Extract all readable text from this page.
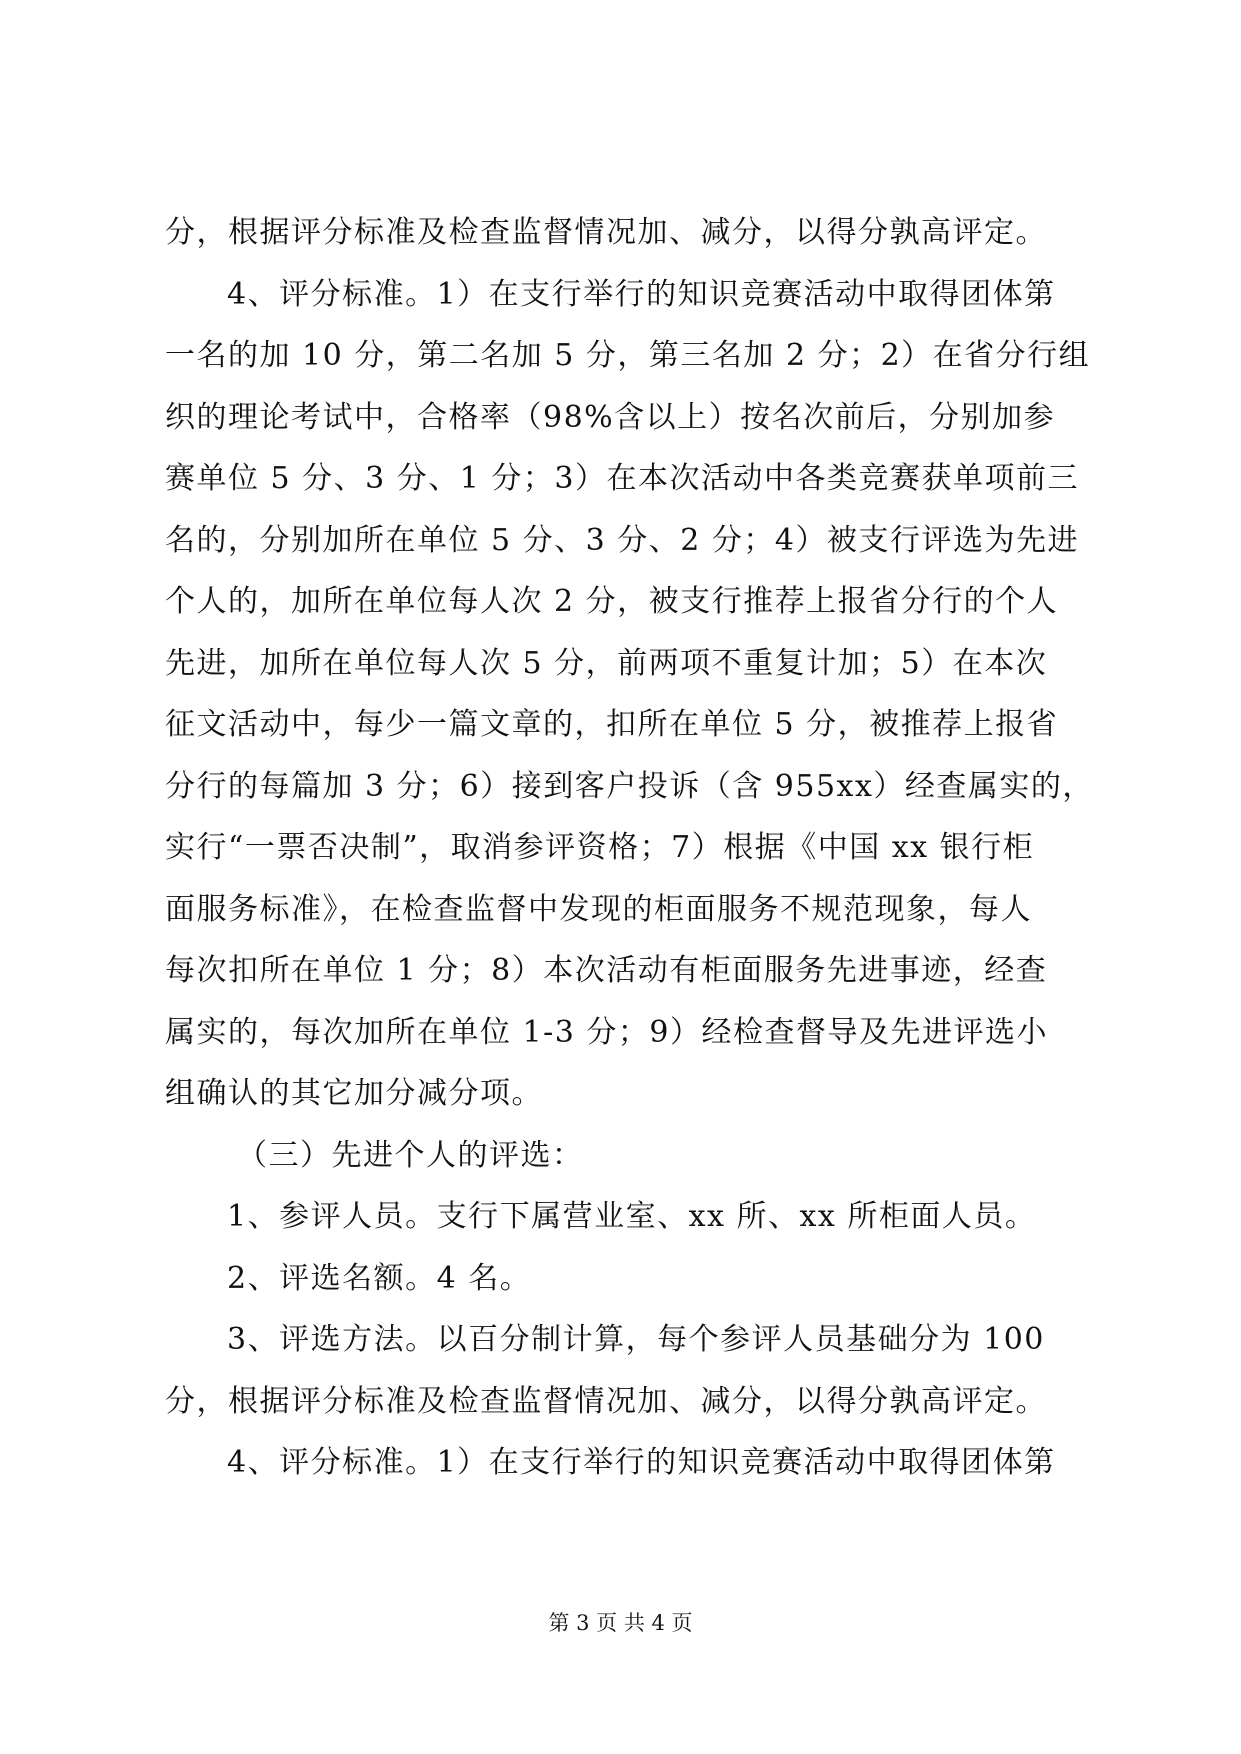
分，根据评分标准及检查监督情况加、减分，以得分孰高评定。
4、评分标准。1）在支行举行的知识竞赛活动中取得团体第
一名的加 10 分，第二名加 5 分，第三名加 2 分；2）在省分行组
织的理论考试中，合格率（98%含以上）按名次前后，分别加参
赛单位 5 分、3 分、1 分；3）在本次活动中各类竞赛获单项前三
名的，分别加所在单位 5 分、3 分、2 分；4）被支行评选为先进
个人的，加所在单位每人次 2 分，被支行推荐上报省分行的个人
先进，加所在单位每人次 5 分，前两项不重复计加；5）在本次
征文活动中，每少一篇文章的，扣所在单位 5 分，被推荐上报省
分行的每篇加 3 分；6）接到客户投诉（含 955xx）经查属实的，
实行“一票否决制”，取消参评资格；7）根据《中国 xx 银行柜
面服务标准》，在检查监督中发现的柜面服务不规范现象，每人
每次扣所在单位 1 分；8）本次活动有柜面服务先进事迹，经查
属实的，每次加所在单位 1-3 分；9）经检查督导及先进评选小
组确认的其它加分减分项。
（三）先进个人的评选：
1、参评人员。支行下属营业室、xx 所、xx 所柜面人员。
2、评选名额。4 名。
3、评选方法。以百分制计算，每个参评人员基础分为 100
分，根据评分标准及检查监督情况加、减分，以得分孰高评定。
4、评分标准。1）在支行举行的知识竞赛活动中取得团体第
第 3 页 共 4 页
